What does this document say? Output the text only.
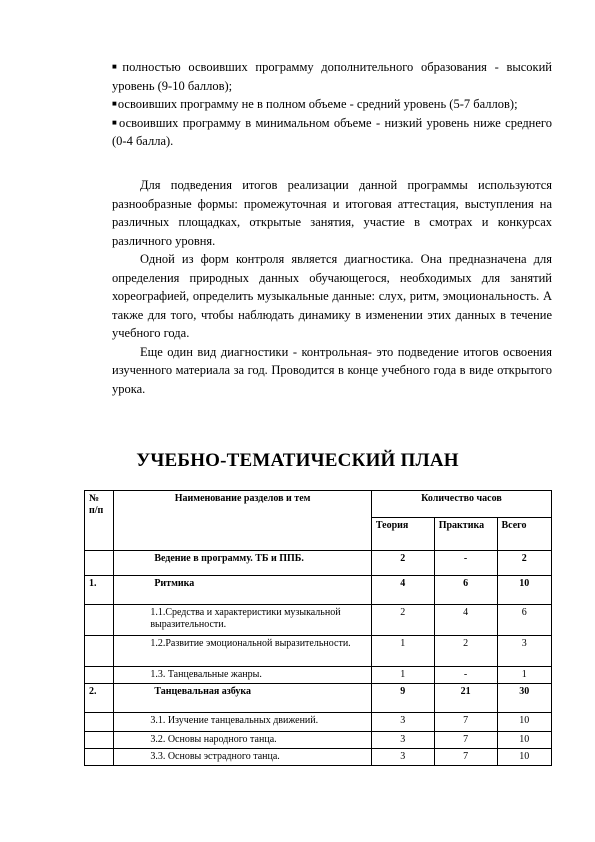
■полностью освоивших программу дополнительного образования - высокий уровень (9-10 баллов);

■освоивших программу не в полном объеме - средний уровень (5-7 баллов);

■освоивших программу в минимальном объеме - низкий уровень ниже среднего (0-4 балла).

Для подведения итогов реализации данной программы используются разнообразные формы: промежуточная и итоговая аттестация, выступления на различных площадках, открытые занятия, участие в смотрах и конкурсах различного уровня.

Одной из форм контроля является диагностика. Она предназначена для определения природных данных обучающегося, необходимых для занятий хореографией, определить музыкальные данные: слух, ритм, эмоциональность. А также для того, чтобы наблюдать динамику в изменении этих данных в течение учебного года.

Еще один вид диагностики - контрольная- это подведение итогов освоения изученного материала за год. Проводится в конце учебного года в виде открытого урока.

УЧЕБНО-ТЕМАТИЧЕСКИЙ ПЛАН
№ п/п	Наименование разделов и тем	Количество часов		
		Теория	Практика	Всего
	Ведение в программу. ТБ и ППБ.	2	-	2
1.	Ритмика	4	6	10
	1.1.Средства и характеристики музыкальной выразительности.	2	4	6
	1.2.Развитие эмоциональной выразительности.	1	2	3
	1.3. Танцевальные жанры.	1	-	1
2.	Танцевальная азбука	9	21	30
	3.1. Изучение танцевальных движений.	3	7	10
	3.2. Основы народного танца.	3	7	10
	3.3. Основы эстрадного танца.	3	7	10
